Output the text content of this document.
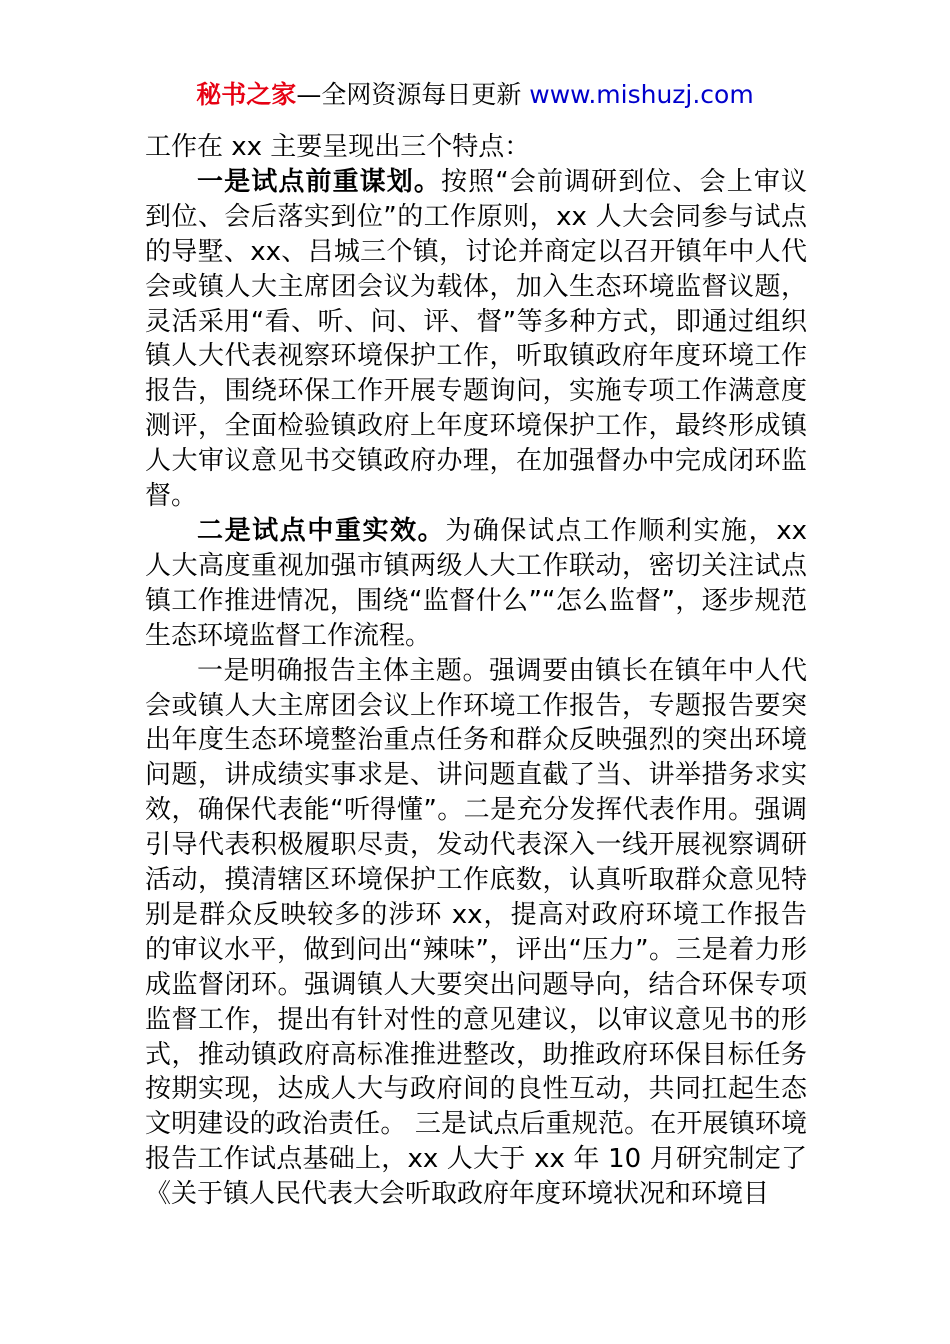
秘书之家—全网资源每日更新 www.mishuzj.com

工作在 xx 主要呈现出三个特点：

一是试点前重谋划。按照“会前调研到位、会上审议到位、会后落实到位”的工作原则，xx 人大会同参与试点的导墅、xx、吕城三个镇，讨论并商定以召开镇年中人代会或镇人大主席团会议为载体，加入生态环境监督议题，灵活采用“看、听、问、评、督”等多种方式，即通过组织镇人大代表视察环境保护工作，听取镇政府年度环境工作报告，围绕环保工作开展专题询问，实施专项工作满意度测评，全面检验镇政府上年度环境保护工作，最终形成镇人大审议意见书交镇政府办理，在加强督办中完成闭环监督。

二是试点中重实效。为确保试点工作顺利实施，xx 人大高度重视加强市镇两级人大工作联动，密切关注试点镇工作推进情况，围绕“监督什么”“怎么监督”，逐步规范生态环境监督工作流程。

一是明确报告主体主题。强调要由镇长在镇年中人代会或镇人大主席团会议上作环境工作报告，专题报告要突出年度生态环境整治重点任务和群众反映强烈的突出环境问题，讲成绩实事求是、讲问题直截了当、讲举措务求实效，确保代表能“听得懂”。二是充分发挥代表作用。强调引导代表积极履职尽责，发动代表深入一线开展视察调研活动，摸清辖区环境保护工作底数，认真听取群众意见特别是群众反映较多的涉环 xx，提高对政府环境工作报告的审议水平，做到问出“辣味”，评出“压力”。三是着力形成监督闭环。强调镇人大要突出问题导向，结合环保专项监督工作，提出有针对性的意见建议，以审议意见书的形式，推动镇政府高标准推进整改，助推政府环保目标任务按期实现，达成人大与政府间的良性互动，共同扛起生态文明建设的政治责任。 三是试点后重规范。在开展镇环境报告工作试点基础上，xx 人大于 xx 年 10 月研究制定了《关于镇人民代表大会听取政府年度环境状况和环境目
